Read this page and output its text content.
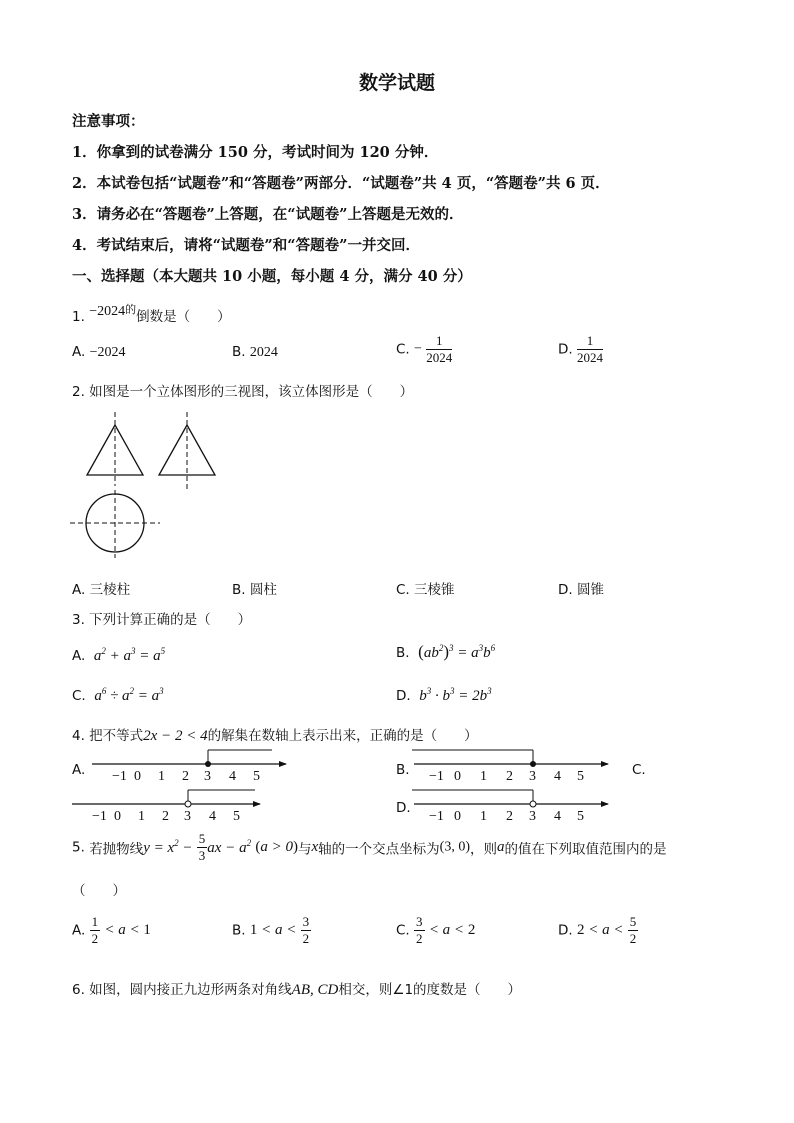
数学试题
注意事项：
1．你拿到的试卷满分 150 分，考试时间为 120 分钟．
2．本试卷包括“试题卷”和“答题卷”两部分．“试题卷”共 4 页，“答题卷”共 6 页．
3．请务必在“答题卷”上答题，在“试题卷”上答题是无效的．
4．考试结束后，请将“试题卷”和“答题卷”一并交回．
一、选择题（本大题共 10 小题，每小题 4 分，满分 40 分）
1. $-2024^的$倒数是（　　）
A. −2024	B. 2024	C. − $\frac{1}{2024}$	D. $\frac{1}{2024}$
2. 如图是一个立体图形的三视图，该立体图形是（　　）
A. 三棱柱	B. 圆柱	C. 三棱锥	D. 圆锥
3. 下列计算正确的是（　　）
A. $a^2 + a^3 = a^5$	B. $(ab^2)^3 = a^3b^6$
C. $a^6 \div a^2 = a^3$	D. $b^3 \cdot b^3 = 2b^3$
4. 把不等式2x − 2 < 4的解集在数轴上表示出来，正确的是（　　）
A. −1 0 1 2 3 4 5	B. −1 0 1 2 3 4 5	C.
−1 0 1 2 3 4 5
D.
−1 0 1 2 3 4 5
5. 若抛物线$y = x^2 - \frac{5}{3}$ ax − $a^2$ (a > 0)与x轴的一个交点坐标为(3, 0)，则a的值在下列取值范围内的是
（　　）
A. $\frac{1}{2} < a < 1$	B. $1 < a < \frac{3}{2}$	C. $\frac{3}{2} < a < 2$	D. $2 < a < \frac{5}{2}$
6. 如图，圆内接正九边形两条对角线AB, CD相交，则∠1的度数是（　　）
